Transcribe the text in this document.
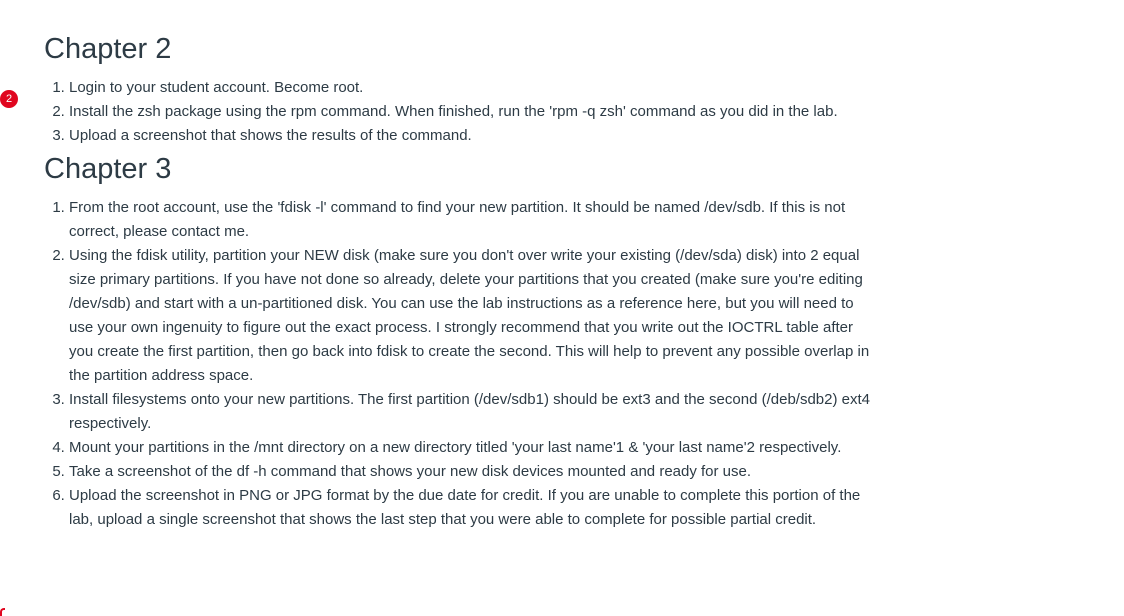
2
Chapter 2
1. Login to your student account. Become root.
2. Install the zsh package using the rpm command. When finished, run the 'rpm -q zsh' command as you did in the lab.
3. Upload a screenshot that shows the results of the command.
Chapter 3
1. From the root account, use the 'fdisk -l' command to find your new partition. It should be named /dev/sdb. If this is not correct, please contact me.
2. Using the fdisk utility, partition your NEW disk (make sure you don't over write your existing (/dev/sda) disk) into 2 equal size primary partitions. If you have not done so already, delete your partitions that you created (make sure you're editing /dev/sdb) and start with a un-partitioned disk. You can use the lab instructions as a reference here, but you will need to use your own ingenuity to figure out the exact process. I strongly recommend that you write out the IOCTRL table after you create the first partition, then go back into fdisk to create the second. This will help to prevent any possible overlap in the partition address space.
3. Install filesystems onto your new partitions. The first partition (/dev/sdb1) should be ext3 and the second (/deb/sdb2) ext4 respectively.
4. Mount your partitions in the /mnt directory on a new directory titled 'your last name'1 & 'your last name'2 respectively.
5. Take a screenshot of the df -h command that shows your new disk devices mounted and ready for use.
6. Upload the screenshot in PNG or JPG format by the due date for credit. If you are unable to complete this portion of the lab, upload a single screenshot that shows the last step that you were able to complete for possible partial credit.
